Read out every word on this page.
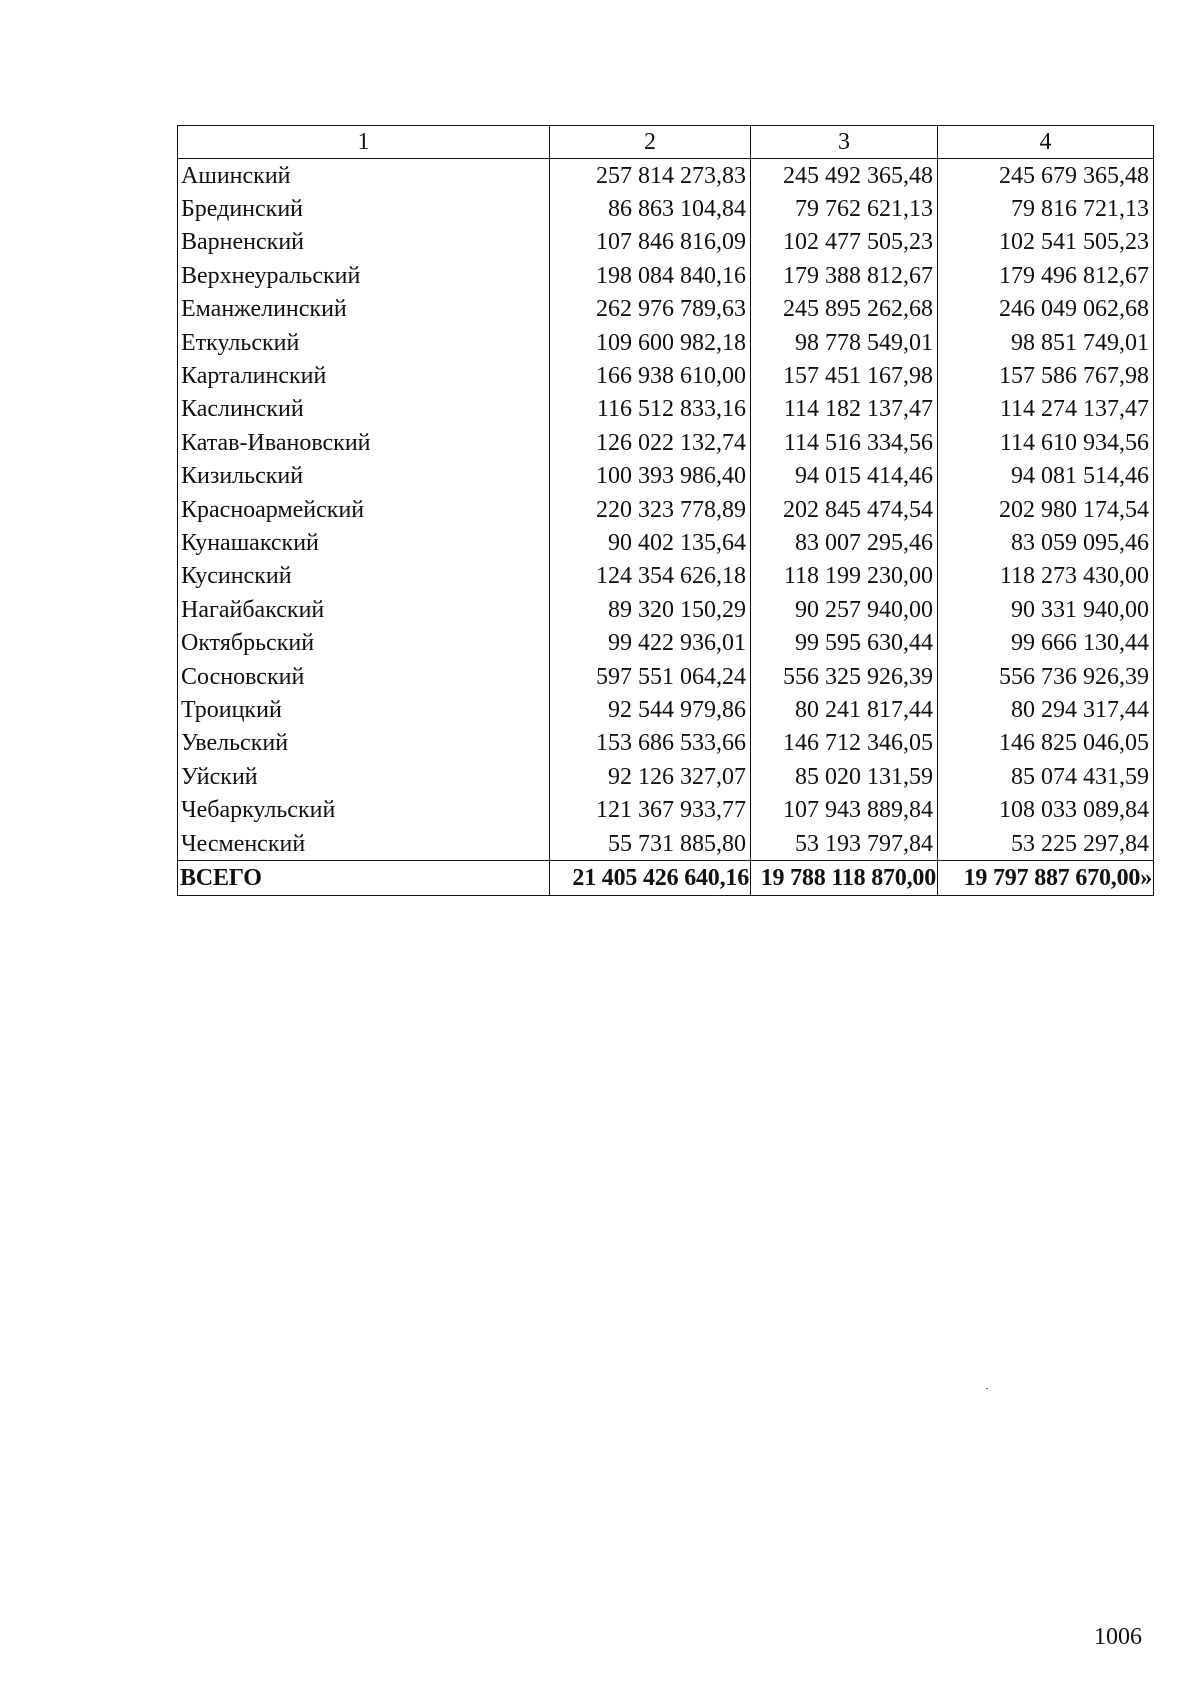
1	2	3	4
Ашинский	257 814 273,83	245 492 365,48	245 679 365,48
Брединский	86 863 104,84	79 762 621,13	79 816 721,13
Варненский	107 846 816,09	102 477 505,23	102 541 505,23
Верхнеуральский	198 084 840,16	179 388 812,67	179 496 812,67
Еманжелинский	262 976 789,63	245 895 262,68	246 049 062,68
Еткульский	109 600 982,18	98 778 549,01	98 851 749,01
Карталинский	166 938 610,00	157 451 167,98	157 586 767,98
Каслинский	116 512 833,16	114 182 137,47	114 274 137,47
Катав-Ивановский	126 022 132,74	114 516 334,56	114 610 934,56
Кизильский	100 393 986,40	94 015 414,46	94 081 514,46
Красноармейский	220 323 778,89	202 845 474,54	202 980 174,54
Кунашакский	90 402 135,64	83 007 295,46	83 059 095,46
Кусинский	124 354 626,18	118 199 230,00	118 273 430,00
Нагайбакский	89 320 150,29	90 257 940,00	90 331 940,00
Октябрьский	99 422 936,01	99 595 630,44	99 666 130,44
Сосновский	597 551 064,24	556 325 926,39	556 736 926,39
Троицкий	92 544 979,86	80 241 817,44	80 294 317,44
Увельский	153 686 533,66	146 712 346,05	146 825 046,05
Уйский	92 126 327,07	85 020 131,59	85 074 431,59
Чебаркульский	121 367 933,77	107 943 889,84	108 033 089,84
Чесменский	55 731 885,80	53 193 797,84	53 225 297,84
ВСЕГО	21 405 426 640,16	19 788 118 870,00	19 797 887 670,00»
1006
